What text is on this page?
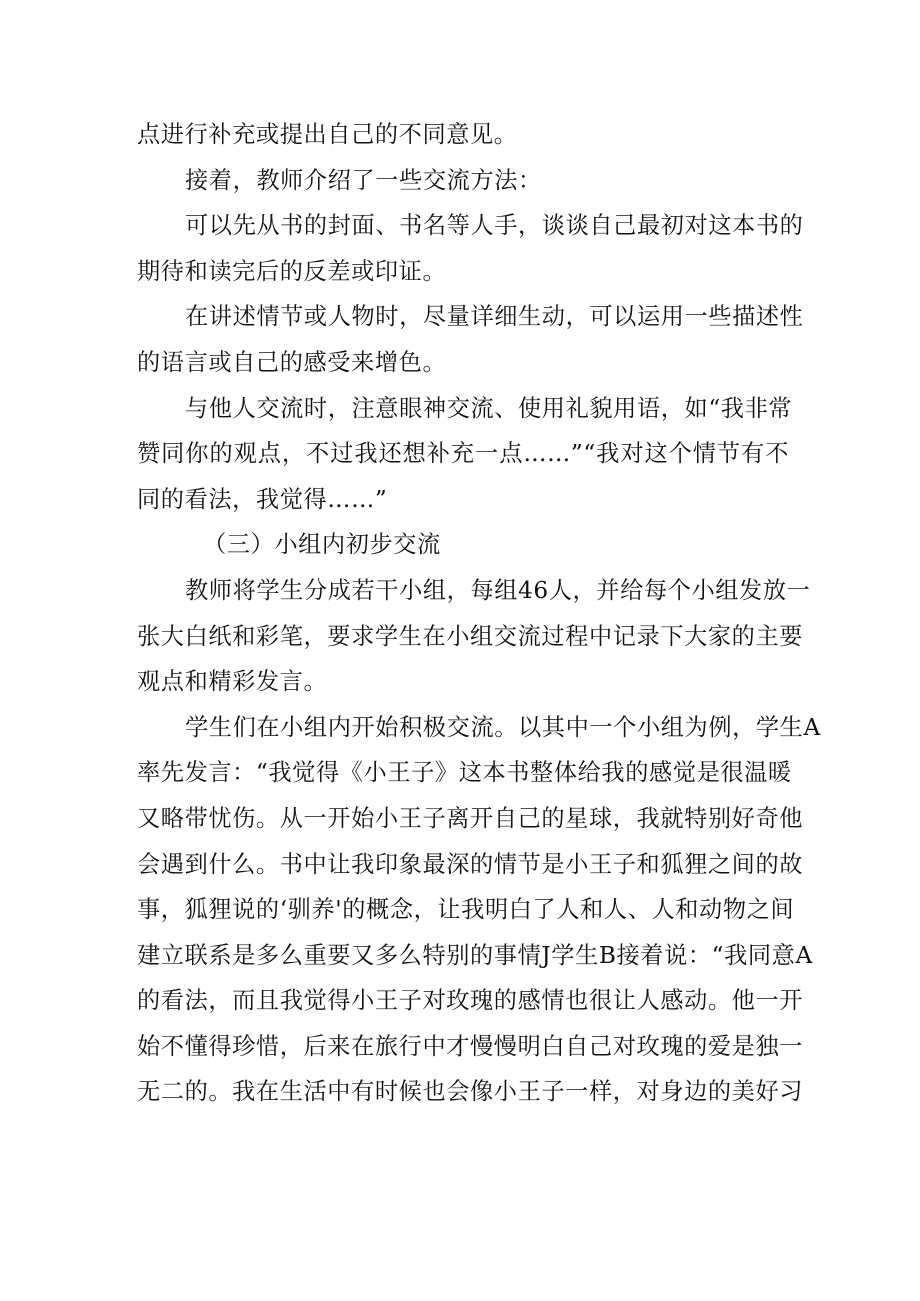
点进行补充或提出自己的不同意见。
接着，教师介绍了一些交流方法：
可以先从书的封面、书名等人手，谈谈自己最初对这本书的
期待和读完后的反差或印证。
在讲述情节或人物时，尽量详细生动，可以运用一些描述性
的语言或自己的感受来增色。
与他人交流时，注意眼神交流、使用礼貌用语，如“我非常
赞同你的观点，不过我还想补充一点……”“我对这个情节有不
同的看法，我觉得……”
（三）小组内初步交流
教师将学生分成若干小组，每组46人，并给每个小组发放一
张大白纸和彩笔，要求学生在小组交流过程中记录下大家的主要
观点和精彩发言。
学生们在小组内开始积极交流。以其中一个小组为例，学生A
率先发言：“我觉得《小王子》这本书整体给我的感觉是很温暖
又略带忧伤。从一开始小王子离开自己的星球，我就特别好奇他
会遇到什么。书中让我印象最深的情节是小王子和狐狸之间的故
事，狐狸说的‘驯养'的概念，让我明白了人和人、人和动物之间
建立联系是多么重要又多么特别的事情J学生B接着说：“我同意A
的看法，而且我觉得小王子对玫瑰的感情也很让人感动。他一开
始不懂得珍惜，后来在旅行中才慢慢明白自己对玫瑰的爱是独一
无二的。我在生活中有时候也会像小王子一样，对身边的美好习
